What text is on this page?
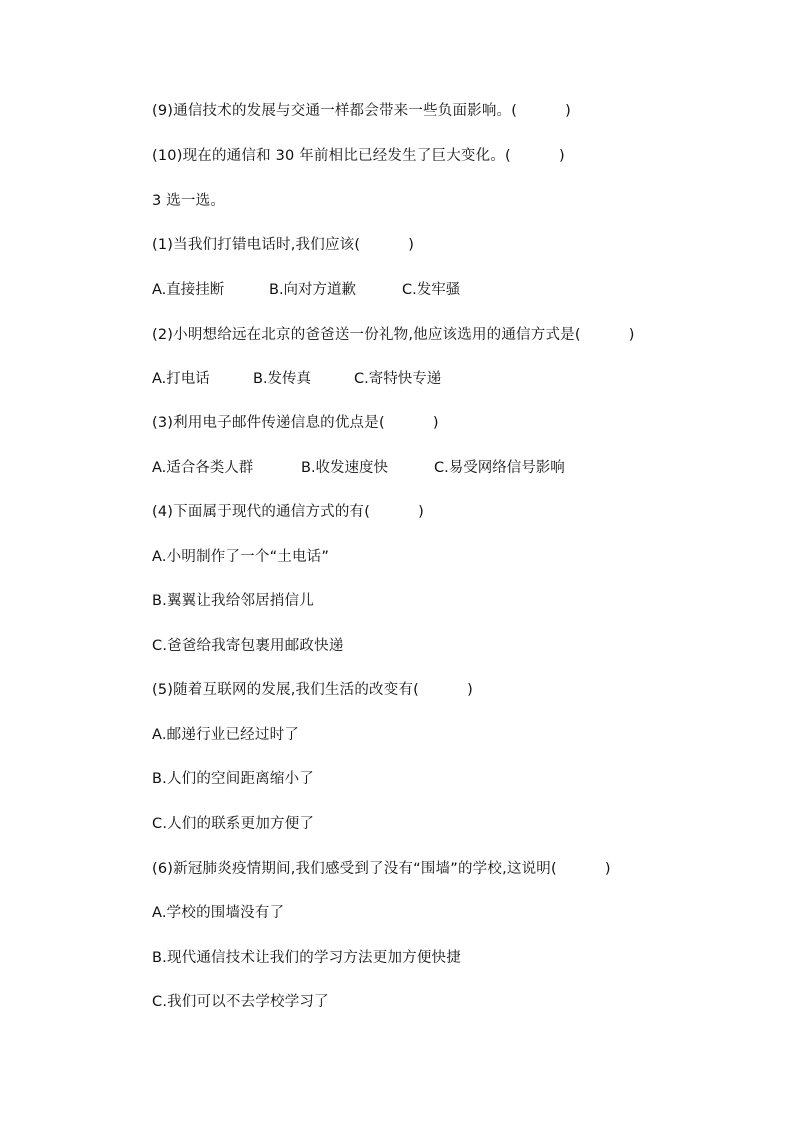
(9)通信技术的发展与交通一样都会带来一些负面影响。(          )
(10)现在的通信和 30 年前相比已经发生了巨大变化。(          )
3 选一选。
(1)当我们打错电话时,我们应该(          )

A.直接挂断

	B.向对方道歉

	C.发牢骚

(2)小明想给远在北京的爸爸送一份礼物,他应该选用的通信方式是(          )

A.打电话

	B.发传真

	C.寄特快专递

(3)利用电子邮件传递信息的优点是(          )

A.适合各类人群

	B.收发速度快

	C.易受网络信号影响

(4)下面属于现代的通信方式的有(          )
A.小明制作了一个“土电话”
B.翼翼让我给邻居捎信儿
C.爸爸给我寄包裹用邮政快递
(5)随着互联网的发展,我们生活的改变有(          )
A.邮递行业已经过时了
B.人们的空间距离缩小了
C.人们的联系更加方便了
(6)新冠肺炎疫情期间,我们感受到了没有“围墙”的学校,这说明(          )
A.学校的围墙没有了
B.现代通信技术让我们的学习方法更加方便快捷
C.我们可以不去学校学习了
